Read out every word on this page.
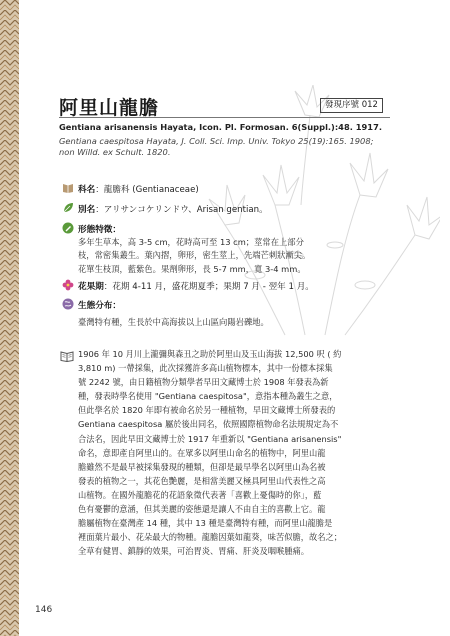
阿里山龍膽	發現序號 012
Gentiana arisanensis Hayata, Icon. Pl. Formosan. 6(Suppl.):48. 1917.
Gentiana caespitosa Hayata, J. Coll. Sci. Imp. Univ. Tokyo 25(19):165. 1908;
non Willd. ex Schult. 1820.
科名：龍膽科 (Gentianaceae)
別名：アリサンコケリンドウ、Arisan gentian。
形態特徵：
多年生草本，高 3-5 cm，花時高可至 13 cm；莖常在上部分
枝，常密集叢生。葉內摺，卵形，密生莖上，先端芒刺狀漸尖。
花單生枝頂，藍紫色。果劑卵形，長 5-7 mm，寬 3-4 mm。
花果期：花期 4-11 月，盛花期夏季；果期 7 月 - 翌年 1 月。
生態分布：
臺灣特有種，生長於中高海拔以上山區向陽岩礫地。
1906 年 10 月川上瀧彌與森丑之助於阿里山及玉山海拔 12,500 呎 ( 約
3,810 m) 一帶採集，此次採獲許多高山植物標本，其中一份標本採集
號 2242 號，由日籍植物分類學者早田文藏博士於 1908 年發表為新
種，發表時學名使用 "Gentiana caespitosa"，意指本種為叢生之意，
但此學名於 1820 年即有被命名於另一種植物，早田文藏博士所發表的
Gentiana caespitosa 屬於後出同名，依照國際植物命名法規規定為不
合法名，因此早田文藏博士於 1917 年重新以 "Gentiana arisanensis"
命名，意即產自阿里山的。在眾多以阿里山命名的植物中，阿里山龍
膽雖然不是最早被採集發現的種類，但卻是最早學名以阿里山為名被
發表的植物之一，其花色艷麗，是相當美麗又極具阿里山代表性之高
山植物。在國外龍膽花的花語象徵代表著「喜歡上憂傷時的你」，藍
色有憂鬱的意涵，但其美麗的姿態還是讓人不由自主的喜歡上它。龍
膽屬植物在臺灣產 14 種，其中 13 種是臺灣特有種，而阿里山龍膽是
裡面葉片最小、花朵最大的物種。龍膽因葉如龍葵，味苦似膽，故名之；
全草有健胃、鎮靜的效果，可治胃炎、胃痛、肝炎及咽喉腫痛。
146
